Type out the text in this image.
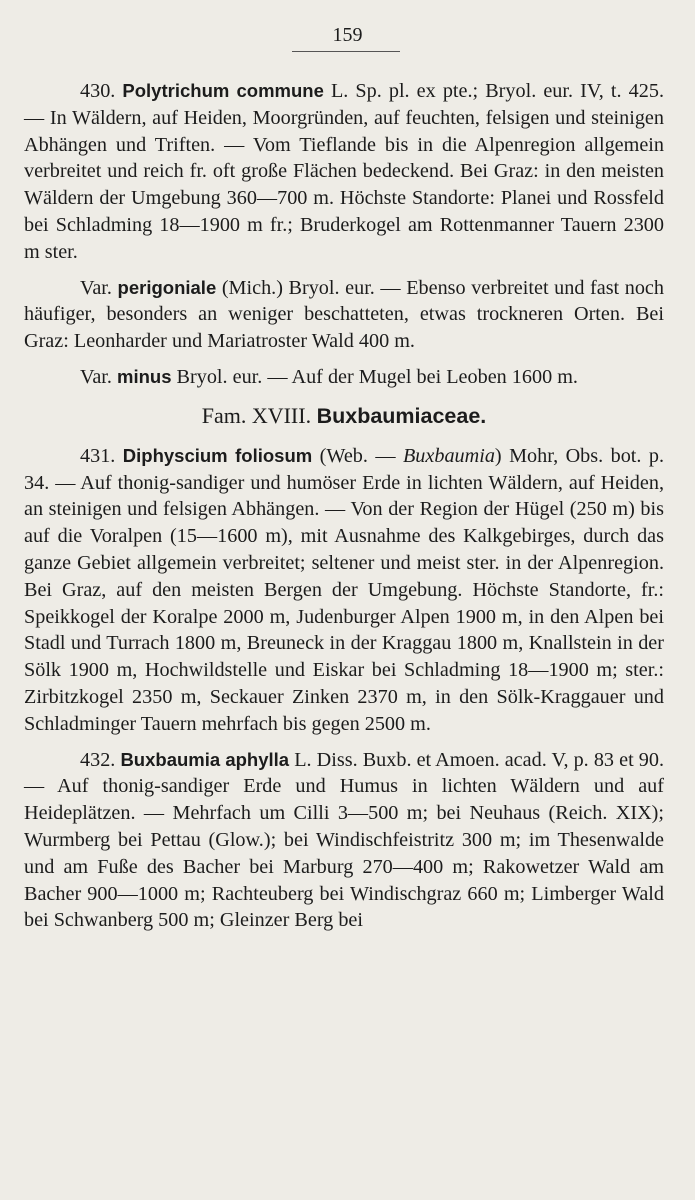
159

430. Polytrichum commune L. Sp. pl. ex pte.; Bryol. eur. IV, t. 425. — In Wäldern, auf Heiden, Moorgründen, auf feuchten, felsigen und steinigen Abhängen und Triften. — Vom Tieflande bis in die Alpenregion allgemein verbreitet und reich fr. oft große Flächen bedeckend. Bei Graz: in den meisten Wäldern der Umgebung 360—700 m. Höchste Standorte: Planei und Rossfeld bei Schladming 18—1900 m fr.; Bruderkogel am Rottenmanner Tauern 2300 m ster.

Var. perigoniale (Mich.) Bryol. eur. — Ebenso verbreitet und fast noch häufiger, besonders an weniger beschatteten, etwas trockneren Orten. Bei Graz: Leonharder und Mariatroster Wald 400 m.

Var. minus Bryol. eur. — Auf der Mugel bei Leoben 1600 m.

Fam. XVIII. Buxbaumiaceae.

431. Diphyscium foliosum (Web. — Buxbaumia) Mohr, Obs. bot. p. 34. — Auf thonig-sandiger und humöser Erde in lichten Wäldern, auf Heiden, an steinigen und felsigen Abhängen. — Von der Region der Hügel (250 m) bis auf die Voralpen (15—1600 m), mit Ausnahme des Kalkgebirges, durch das ganze Gebiet allgemein verbreitet; seltener und meist ster. in der Alpenregion. Bei Graz, auf den meisten Bergen der Umgebung. Höchste Standorte, fr.: Speikkogel der Koralpe 2000 m, Judenburger Alpen 1900 m, in den Alpen bei Stadl und Turrach 1800 m, Breuneck in der Kraggau 1800 m, Knallstein in der Sölk 1900 m, Hochwildstelle und Eiskar bei Schladming 18—1900 m; ster.: Zirbitzkogel 2350 m, Seckauer Zinken 2370 m, in den Sölk-Kraggauer und Schladminger Tauern mehrfach bis gegen 2500 m.

432. Buxbaumia aphylla L. Diss. Buxb. et Amoen. acad. V, p. 83 et 90. — Auf thonig-sandiger Erde und Humus in lichten Wäldern und auf Heideplätzen. — Mehrfach um Cilli 3—500 m; bei Neuhaus (Reich. XIX); Wurmberg bei Pettau (Glow.); bei Windischfeistritz 300 m; im Thesenwalde und am Fuße des Bacher bei Marburg 270—400 m; Rakowetzer Wald am Bacher 900—1000 m; Rachteuberg bei Windischgraz 660 m; Limberger Wald bei Schwanberg 500 m; Gleinzer Berg bei
